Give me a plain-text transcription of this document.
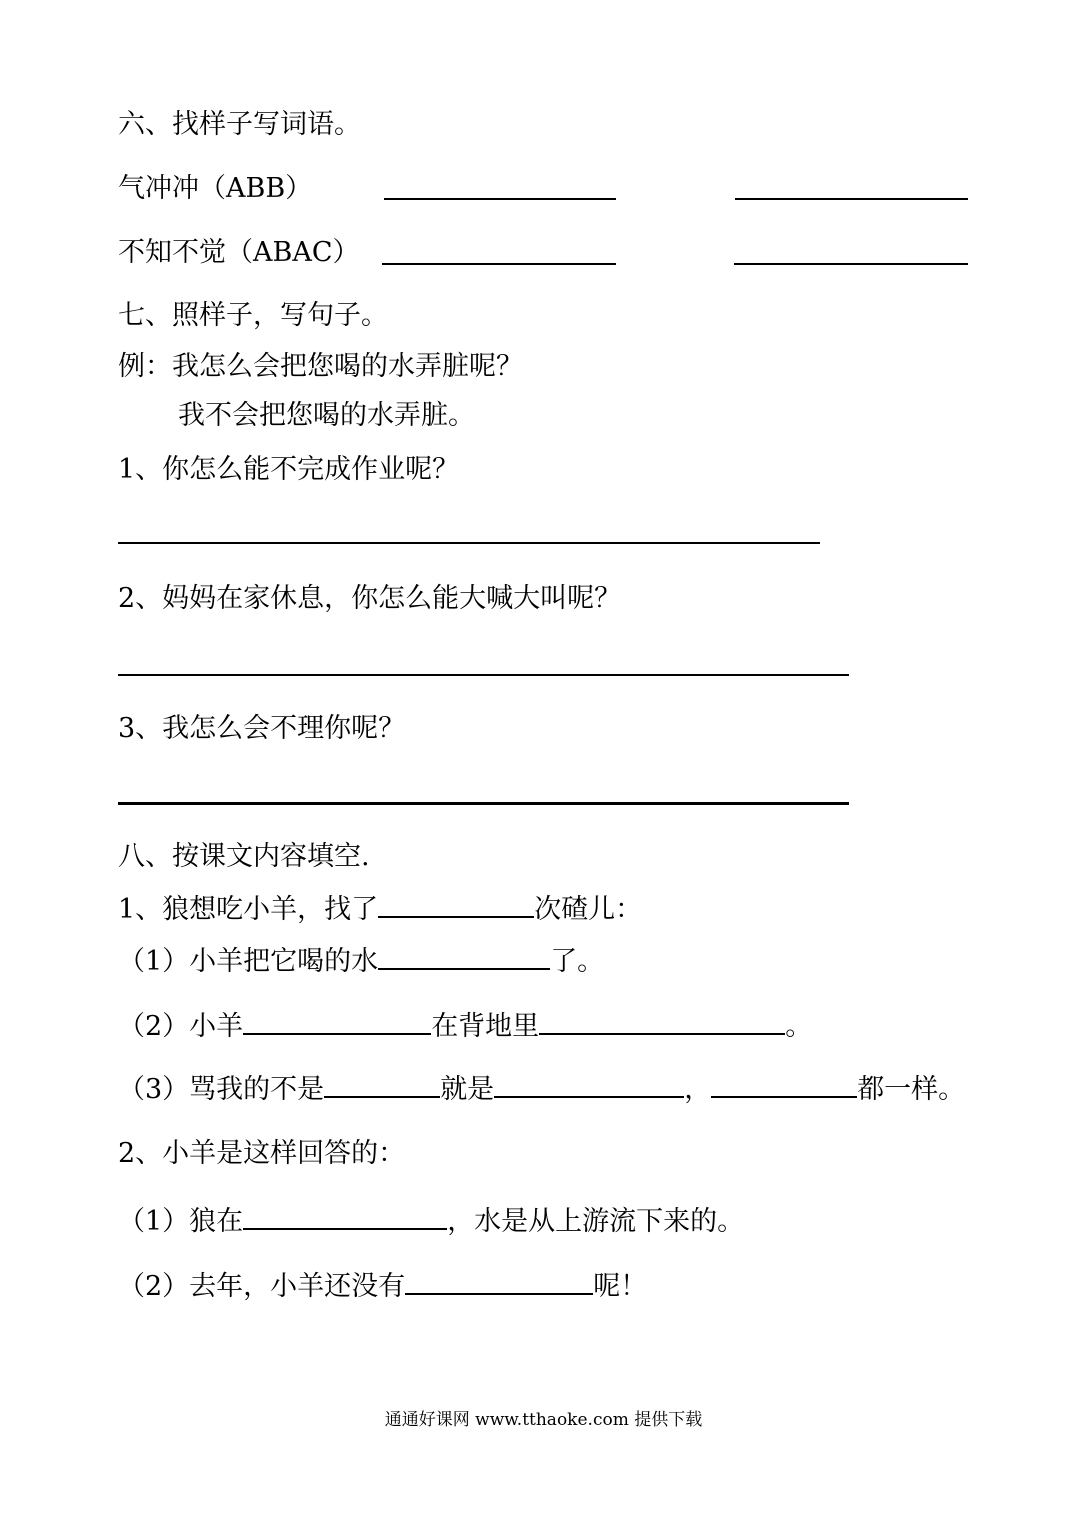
六、找样子写词语。
气冲冲（ABB）
不知不觉（ABAC）
七、照样子，写句子。
例：我怎么会把您喝的水弄脏呢？
我不会把您喝的水弄脏。
1、你怎么能不完成作业呢？
2、妈妈在家休息，你怎么能大喊大叫呢？
3、我怎么会不理你呢？
八、按课文内容填空.
1、狼想吃小羊，找了	次碴儿：
（1）小羊把它喝的水	了。
（2）小羊	在背地里	。
（3）骂我的不是	就是	，	都一样。
2、小羊是这样回答的：
（1）狼在	，水是从上游流下来的。
（2）去年，小羊还没有	呢！
通通好课网 www.tthaoke.com 提供下载
